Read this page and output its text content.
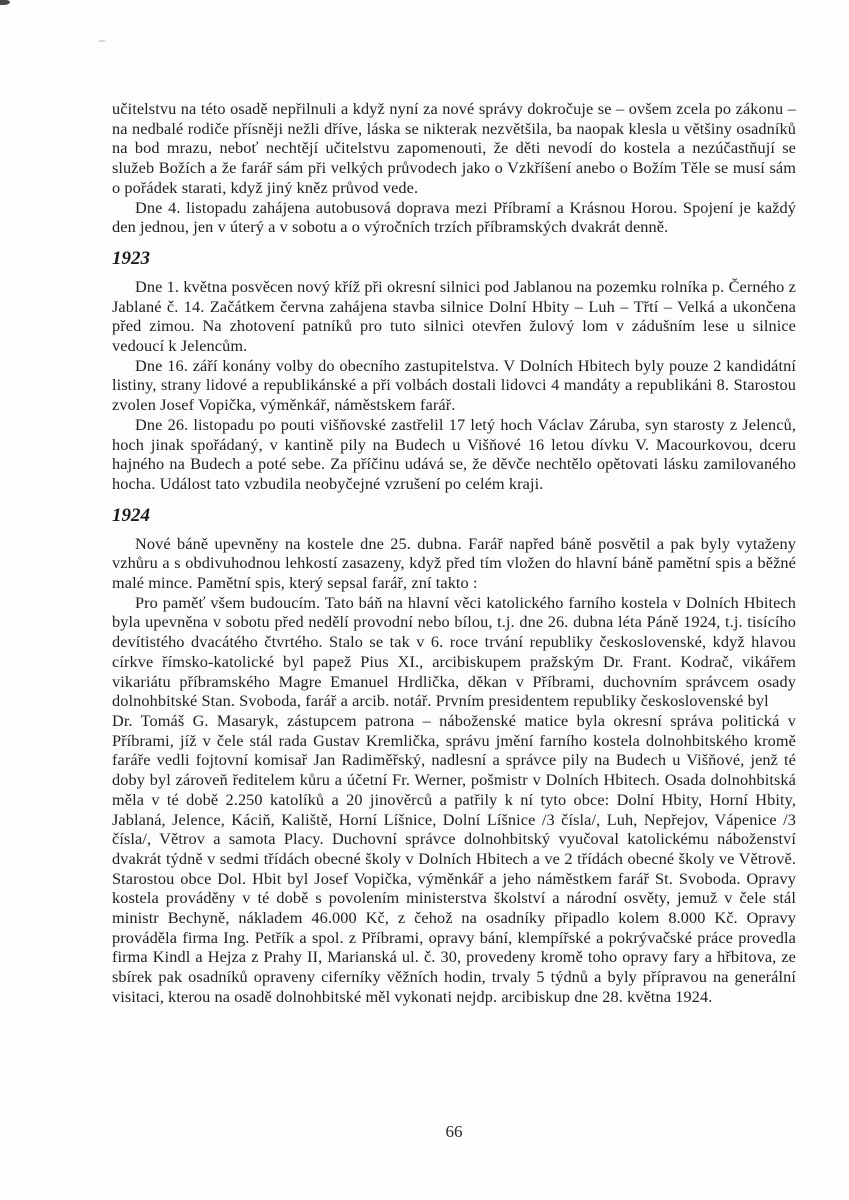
učitelstvu na této osadě nepřilnuli a když nyní za nové správy dokročuje se – ovšem zcela po zákonu – na nedbalé rodiče přísněji nežli dříve, láska se nikterak nezvětšila, ba naopak klesla u většiny osadníků na bod mrazu, neboť nechtějí učitelstvu zapomenouti, že děti nevodí do kostela a nezúčastňují se služeb Božích a že farář sám při velkých průvodech jako o Vzkříšení anebo o Božím Těle se musí sám o pořádek starati, když jiný kněz průvod vede.

Dne 4. listopadu zahájena autobusová doprava mezi Příbramí a Krásnou Horou. Spojení je každý den jednou, jen v úterý a v sobotu a o výročních trzích příbramských dvakrát denně.

1923

Dne 1. května posvěcen nový kříž při okresní silnici pod Jablanou na pozemku rolníka p. Černého z Jablané č. 14. Začátkem června zahájena stavba silnice Dolní Hbity – Luh – Třtí – Velká a ukončena před zimou. Na zhotovení patníků pro tuto silnici otevřen žulový lom v zádušním lese u silnice vedoucí k Jelencům.

Dne 16. září konány volby do obecního zastupitelstva. V Dolních Hbitech byly pouze 2 kandidátní listiny, strany lidové a republikánské a při volbách dostali lidovci 4 mandáty a republikáni 8. Starostou zvolen Josef Vopička, výměnkář, náměstskem farář.

Dne 26. listopadu po pouti višňovské zastřelil 17 letý hoch Václav Záruba, syn starosty z Jelenců, hoch jinak spořádaný, v kantině pily na Budech u Višňové 16 letou dívku V. Macourkovou, dceru hajného na Budech a poté sebe. Za příčinu udává se, že děvče nechtělo opětovati lásku zamilovaného hocha. Událost tato vzbudila neobyčejné vzrušení po celém kraji.

1924

Nové báně upevněny na kostele dne 25. dubna. Farář napřed báně posvětil a pak byly vytaženy vzhůru a s obdivuhodnou lehkostí zasazeny, když před tím vložen do hlavní báně pamětní spis a běžné malé mince. Pamětní spis, který sepsal farář, zní takto :

Pro paměť všem budoucím. Tato báň na hlavní věci katolického farního kostela v Dolních Hbitech byla upevněna v sobotu před nedělí provodní nebo bílou, t.j. dne 26. dubna léta Páně 1924, t.j. tisícího devítistého dvacátého čtvrtého. Stalo se tak v 6. roce trvání republiky československé, když hlavou církve římsko-katolické byl papež Pius XI., arcibiskupem pražským Dr. Frant. Kodrač, vikářem vikariátu příbramského Magre Emanuel Hrdlička, děkan v Příbrami, duchovním správcem osady dolnohbitské Stan. Svoboda, farář a arcib. notář. Prvním presidentem republiky československé byl

Dr. Tomáš G. Masaryk, zástupcem patrona – náboženské matice byla okresní správa politická v Příbrami, jíž v čele stál rada Gustav Kremlička, správu jmění farního kostela dolnohbitského kromě faráře vedli fojtovní komisař Jan Radiměřský, nadlesní a správce pily na Budech u Višňové, jenž té doby byl zároveň ředitelem kůru a účetní Fr. Werner, pošmistr v Dolních Hbitech. Osada dolnohbitská měla v té době 2.250 katolíků a 20 jinověrců a patřily k ní tyto obce: Dolní Hbity, Horní Hbity, Jablaná, Jelence, Káciň, Kaliště, Horní Líšnice, Dolní Líšnice /3 čísla/, Luh, Nepřejov, Vápenice /3 čísla/, Větrov a samota Placy. Duchovní správce dolnohbitský vyučoval katolickému náboženství dvakrát týdně v sedmi třídách obecné školy v Dolních Hbitech a ve 2 třídách obecné školy ve Větrově. Starostou obce Dol. Hbit byl Josef Vopička, výměnkář a jeho náměstkem farář St. Svoboda. Opravy kostela prováděny v té době s povolením ministerstva školství a národní osvěty, jemuž v čele stál ministr Bechyně, nákladem 46.000 Kč, z čehož na osadníky připadlo kolem 8.000 Kč. Opravy prováděla firma Ing. Petřík a spol. z Příbrami, opravy bání, klempířské a pokrývačské práce provedla firma Kindl a Hejza z Prahy II, Marianská ul. č. 30, provedeny kromě toho opravy fary a hřbitova, ze sbírek pak osadníků opraveny ciferníky věžních hodin, trvaly 5 týdnů a byly přípravou na generální visitaci, kterou na osadě dolnohbitské měl vykonati nejdp. arcibiskup dne 28. května 1924.

66
